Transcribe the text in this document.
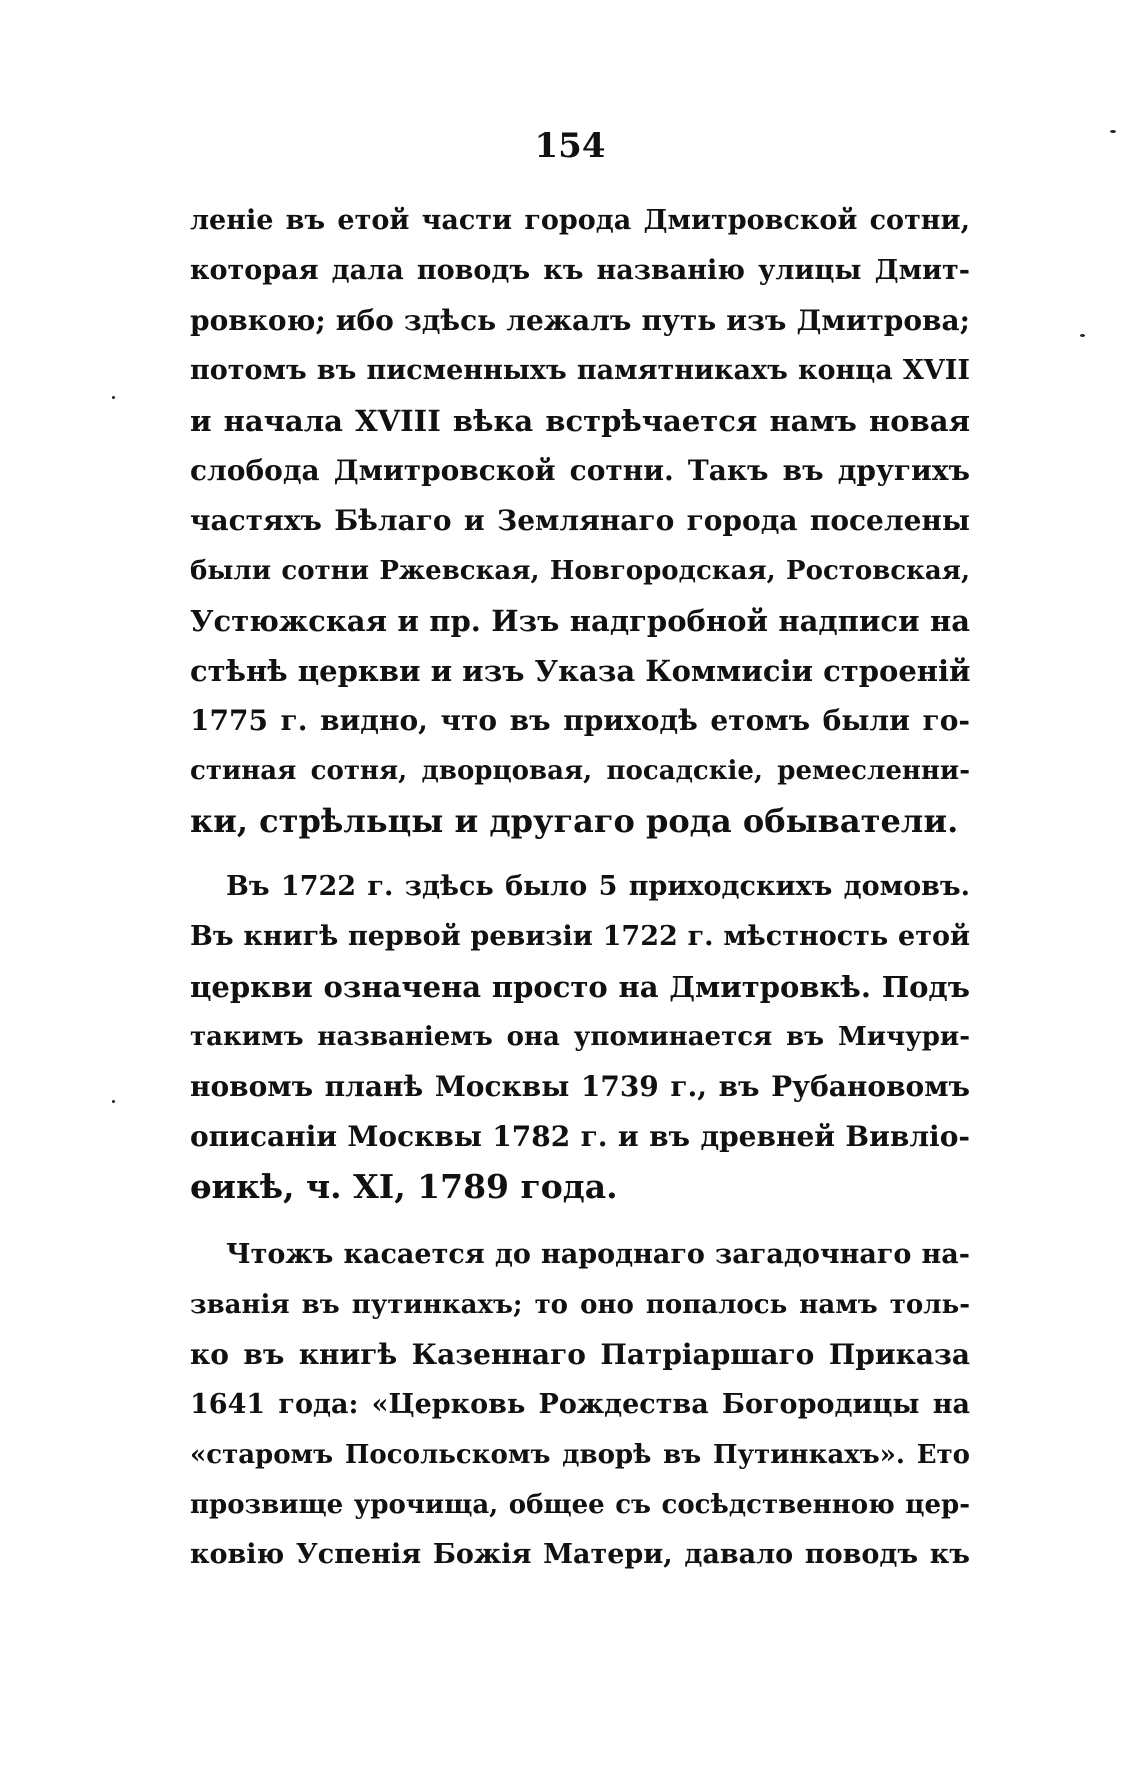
154
леніе въ етой части города Дмитровской сотни,
которая дала поводъ къ названію улицы Дмит-
ровкою; ибо здѣсь лежалъ путь изъ Дмитрова;
потомъ въ писменныхъ памятникахъ конца XVII
и начала XVIII вѣка встрѣчается намъ новая
слобода Дмитровской сотни. Такъ въ другихъ
частяхъ Бѣлаго и Землянаго города поселены
были сотни Ржевская, Новгородская, Ростовская,
Устюжская и пр. Изъ надгробной надписи на
стѣнѣ церкви и изъ Указа Коммисіи строеній
1775 г. видно, что въ приходѣ етомъ были го-
стиная сотня, дворцовая, посадскіе, ремесленни-
ки, стрѣльцы и другаго рода обыватели.
Въ 1722 г. здѣсь было 5 приходскихъ домовъ.
Въ книгѣ первой ревизіи 1722 г. мѣстность етой
церкви означена просто на Дмитровкѣ. Подъ
такимъ названіемъ она упоминается въ Мичури-
новомъ планѣ Москвы 1739 г., въ Рубановомъ
описаніи Москвы 1782 г. и въ древней Вивліо-
ѳикѣ, ч. XI, 1789 года.
Чтожъ касается до народнаго загадочнаго на-
званія въ путинкахъ; то оно попалось намъ толь-
ко въ книгѣ Казеннаго Патріаршаго Приказа
1641 года: «Церковь Рождества Богородицы на
«старомъ Посольскомъ дворѣ въ Путинкахъ». Ето
прозвище урочища, общее съ сосѣдственною цер-
ковію Успенія Божія Матери, давало поводъ къ
